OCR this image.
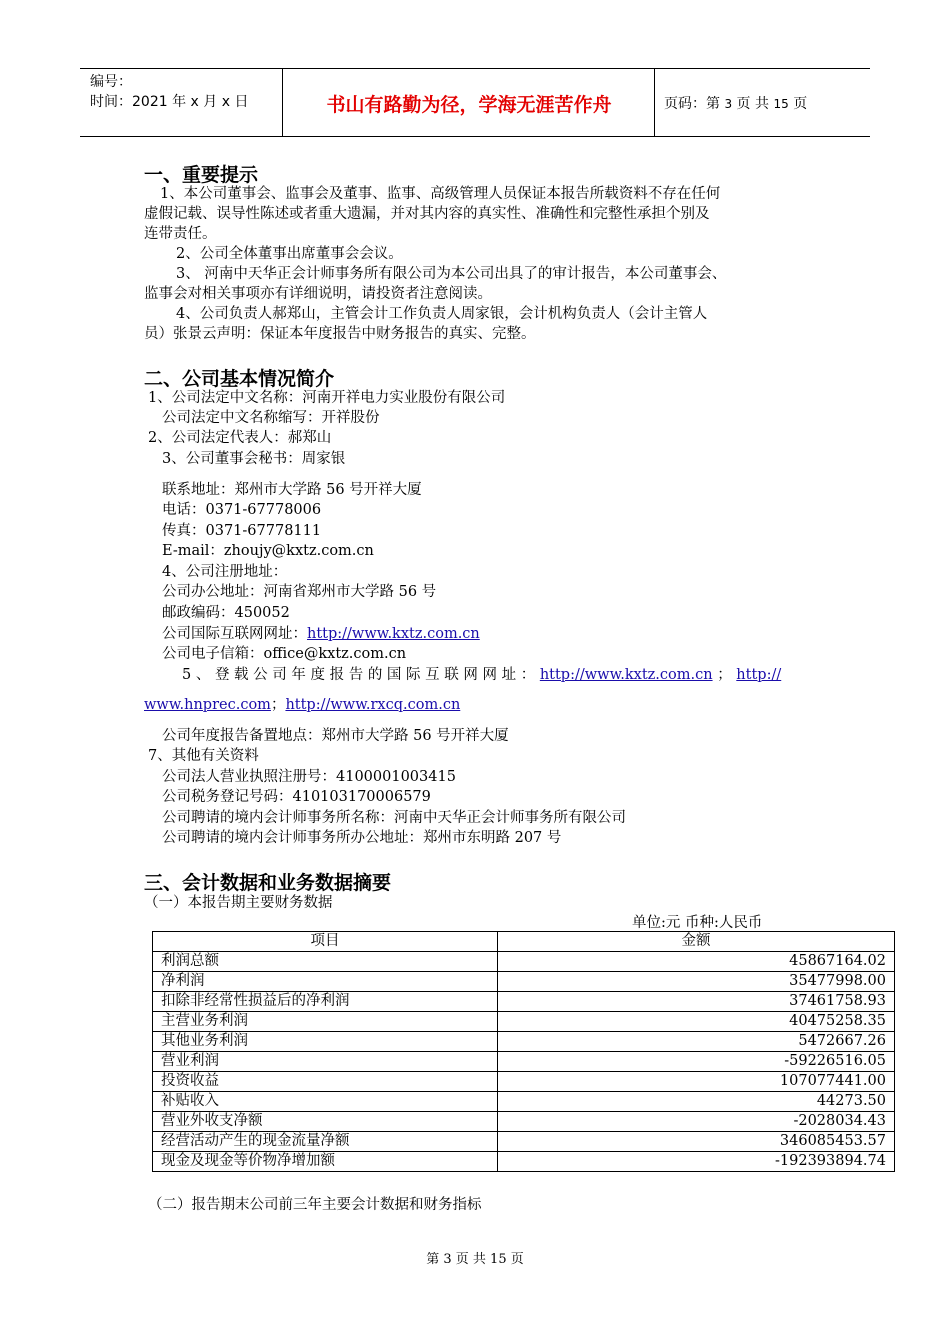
编号：
时间：2021 年 x 月 x 日	书山有路勤为径，学海无涯苦作舟	页码：第 3 页 共 15 页
一、重要提示
1、本公司董事会、监事会及董事、监事、高级管理人员保证本报告所载资料不存在任何
虚假记载、误导性陈述或者重大遗漏，并对其内容的真实性、准确性和完整性承担个别及
连带责任。
2、公司全体董事出席董事会会议。
3、 河南中天华正会计师事务所有限公司为本公司出具了的审计报告，本公司董事会、
监事会对相关事项亦有详细说明，请投资者注意阅读。
4、公司负责人郝郑山，主管会计工作负责人周家银，会计机构负责人（会计主管人
员）张景云声明：保证本年度报告中财务报告的真实、完整。
二、公司基本情况简介
1、公司法定中文名称：河南开祥电力实业股份有限公司
公司法定中文名称缩写：开祥股份
2、公司法定代表人：郝郑山
3、公司董事会秘书：周家银
联系地址：郑州市大学路 56 号开祥大厦
电话：0371-67778006
传真：0371-67778111
E-mail：zhoujy@kxtz.com.cn
4、公司注册地址：
公司办公地址：河南省郑州市大学路 56 号
邮政编码：450052
公司国际互联网网址：http://www.kxtz.com.cn
公司电子信箱：office@kxtz.com.cn
5 、 登 载 公 司 年 度 报 告 的 国 际 互 联 网 网 址 ： http://www.kxtz.com.cn ； http://
www.hnprec.com；http://www.rxcq.com.cn
公司年度报告备置地点：郑州市大学路 56 号开祥大厦
7、其他有关资料
公司法人营业执照注册号：4100001003415
公司税务登记号码：410103170006579
公司聘请的境内会计师事务所名称：河南中天华正会计师事务所有限公司
公司聘请的境内会计师事务所办公地址：郑州市东明路 207 号
三、会计数据和业务数据摘要
（一）本报告期主要财务数据
单位:元 币种:人民币
项目	金额
利润总额	45867164.02
净利润	35477998.00
扣除非经常性损益后的净利润	37461758.93
主营业务利润	40475258.35
其他业务利润	5472667.26
营业利润	-59226516.05
投资收益	107077441.00
补贴收入	44273.50
营业外收支净额	-2028034.43
经营活动产生的现金流量净额	346085453.57
现金及现金等价物净增加额	-192393894.74
（二）报告期末公司前三年主要会计数据和财务指标
第 3 页 共 15 页
